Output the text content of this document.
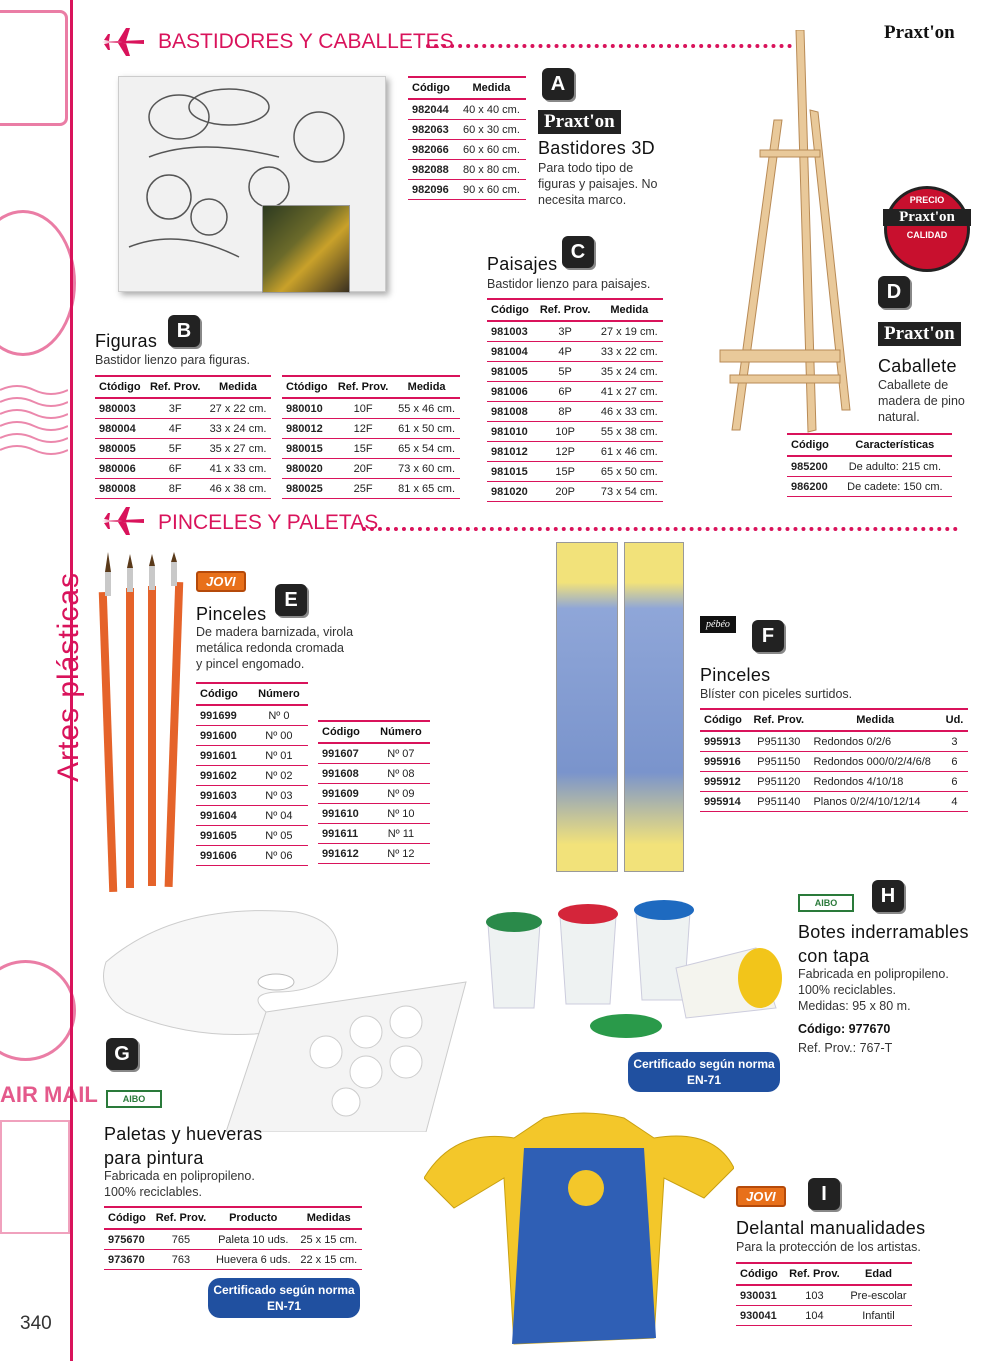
Artes plásticas
AIR MAIL
340
Praxt'on
BASTIDORES Y CABALLETES
Código	Medida
982044	40 x 40 cm.
982063	60 x 30 cm.
982066	60 x 60 cm.
982088	80 x 80 cm.
982096	90 x 60 cm.
A
Praxt'on
Bastidores 3D
Para todo tipo de
figuras y paisajes. No
necesita marco.
Paisajes
C
Bastidor lienzo para paisajes.
Código	Ref. Prov.	Medida
981003	3P	27 x 19 cm.
981004	4P	33 x 22 cm.
981005	5P	35 x 24 cm.
981006	6P	41 x 27 cm.
981008	8P	46 x 33 cm.
981010	10P	55 x 38 cm.
981012	12P	61 x 46 cm.
981015	15P	65 x 50 cm.
981020	20P	73 x 54 cm.
Figuras B
Bastidor lienzo para figuras.
Ctódigo	Ref. Prov.	Medida
980003	3F	27 x 22 cm.
980004	4F	33 x 24 cm.
980005	5F	35 x 27 cm.
980006	6F	41 x 33 cm.
980008	8F	46 x 38 cm.
Ctódigo	Ref. Prov.	Medida
980010	10F	55 x 46 cm.
980012	12F	61 x 50 cm.
980015	15F	65 x 54 cm.
980020	20F	73 x 60 cm.
980025	25F	81 x 65 cm.
PRECIO
Praxt'on
CALIDAD
D
Praxt'on
Caballete
Caballete de
madera de pino
natural.
Código	Características
985200	De adulto: 215 cm.
986200	De cadete: 150 cm.
PINCELES Y PALETAS
JOVI
E
Pinceles
De madera barnizada, virola
metálica redonda cromada
y pincel engomado.
Código	Número
991699	Nº 0
991600	Nº 00
991601	Nº 01
991602	Nº 02
991603	Nº 03
991604	Nº 04
991605	Nº 05
991606	Nº 06
Código	Número
991607	Nº 07
991608	Nº 08
991609	Nº 09
991610	Nº 10
991611	Nº 11
991612	Nº 12
pébéo
F
Pinceles
Blíster con piceles surtidos.
Código	Ref. Prov.	Medida	Ud.
995913	P951130	Redondos 0/2/6	3
995916	P951150	Redondos 000/0/2/4/6/8	6
995912	P951120	Redondos 4/10/18	6
995914	P951140	Planos 0/2/4/10/12/14	4
G
AIBO
Paletas y hueveras
para pintura
Fabricada en polipropileno.
100% reciclables.
Código	Ref. Prov.	Producto	Medidas
975670	765	Paleta 10 uds.	25 x 15 cm.
973670	763	Huevera 6 uds.	22 x 15 cm.
Certificado según norma
EN-71
Certificado según norma
EN-71
AIBO	H
Botes inderramables
con tapa
Fabricada en polipropileno.
100% reciclables.
Medidas: 95 x 80 m.
Código: 977670
Ref. Prov.: 767-T
JOVI	I
Delantal manualidades
Para la protección de los artistas.
Código	Ref. Prov.	Edad
930031	103	Pre-escolar
930041	104	Infantil
